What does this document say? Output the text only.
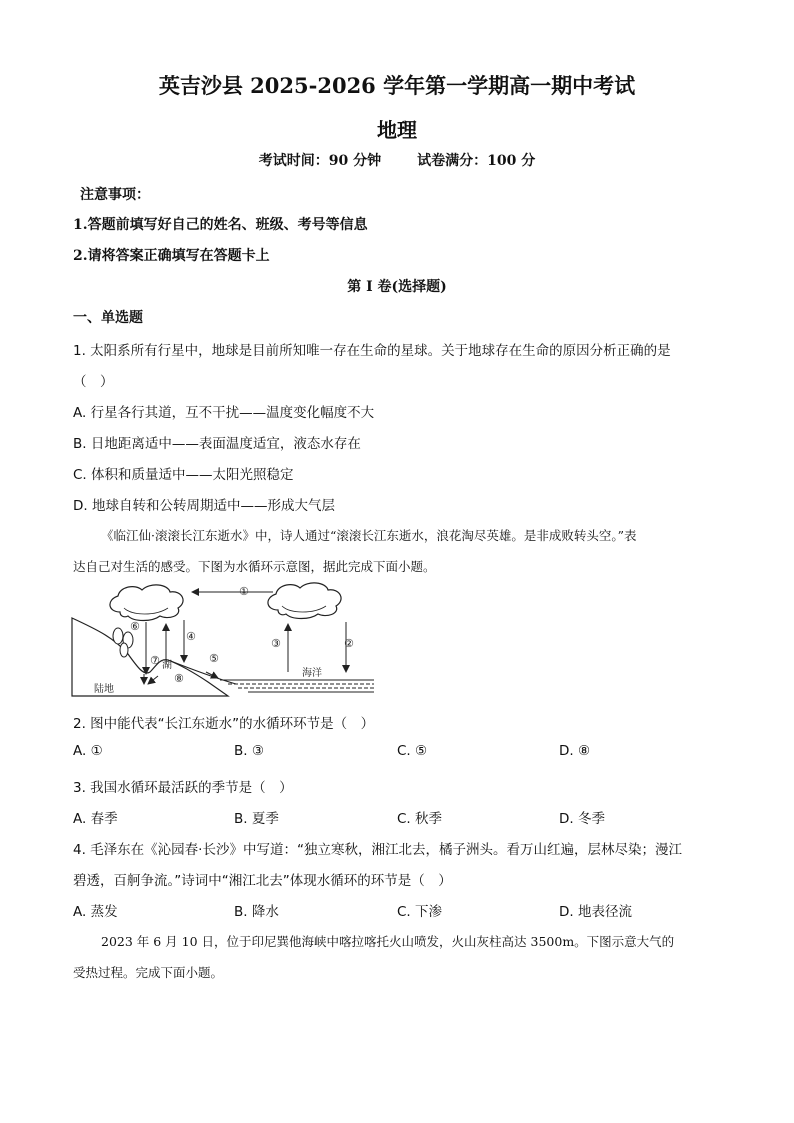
英吉沙县 2025-2026 学年第一学期高一期中考试
地理
考试时间：90 分钟	试卷满分：100 分
注意事项：
1.答题前填写好自己的姓名、班级、考号等信息
2.请将答案正确填写在答题卡上
第 I 卷(选择题)
一、单选题
1. 太阳系所有行星中，地球是目前所知唯一存在生命的星球。关于地球存在生命的原因分析正确的是
（　）
A. 行星各行其道，互不干扰——温度变化幅度不大
B. 日地距离适中——表面温度适宜，液态水存在
C. 体积和质量适中——太阳光照稳定
D. 地球自转和公转周期适中——形成大气层
《临江仙·滚滚长江东逝水》中，诗人通过“滚滚长江东逝水，浪花淘尽英雄。是非成败转头空。”表
达自己对生活的感受。下图为水循环示意图，据此完成下面小题。
①
②
③
④
⑤
⑥
⑦
⑧
陆地
海洋
湖
2. 图中能代表“长江东逝水”的水循环环节是（　）
A. ①	B. ③	C. ⑤	D. ⑧
3. 我国水循环最活跃的季节是（　）
A. 春季	B. 夏季	C. 秋季	D. 冬季
4. 毛泽东在《沁园春·长沙》中写道：“独立寒秋，湘江北去，橘子洲头。看万山红遍，层林尽染；漫江
碧透，百舸争流。”诗词中“湘江北去”体现水循环的环节是（　）
A. 蒸发	B. 降水	C. 下渗	D. 地表径流
2023 年 6 月 10 日，位于印尼巽他海峡中喀拉喀托火山喷发，火山灰柱高达 3500m。下图示意大气的
受热过程。完成下面小题。
